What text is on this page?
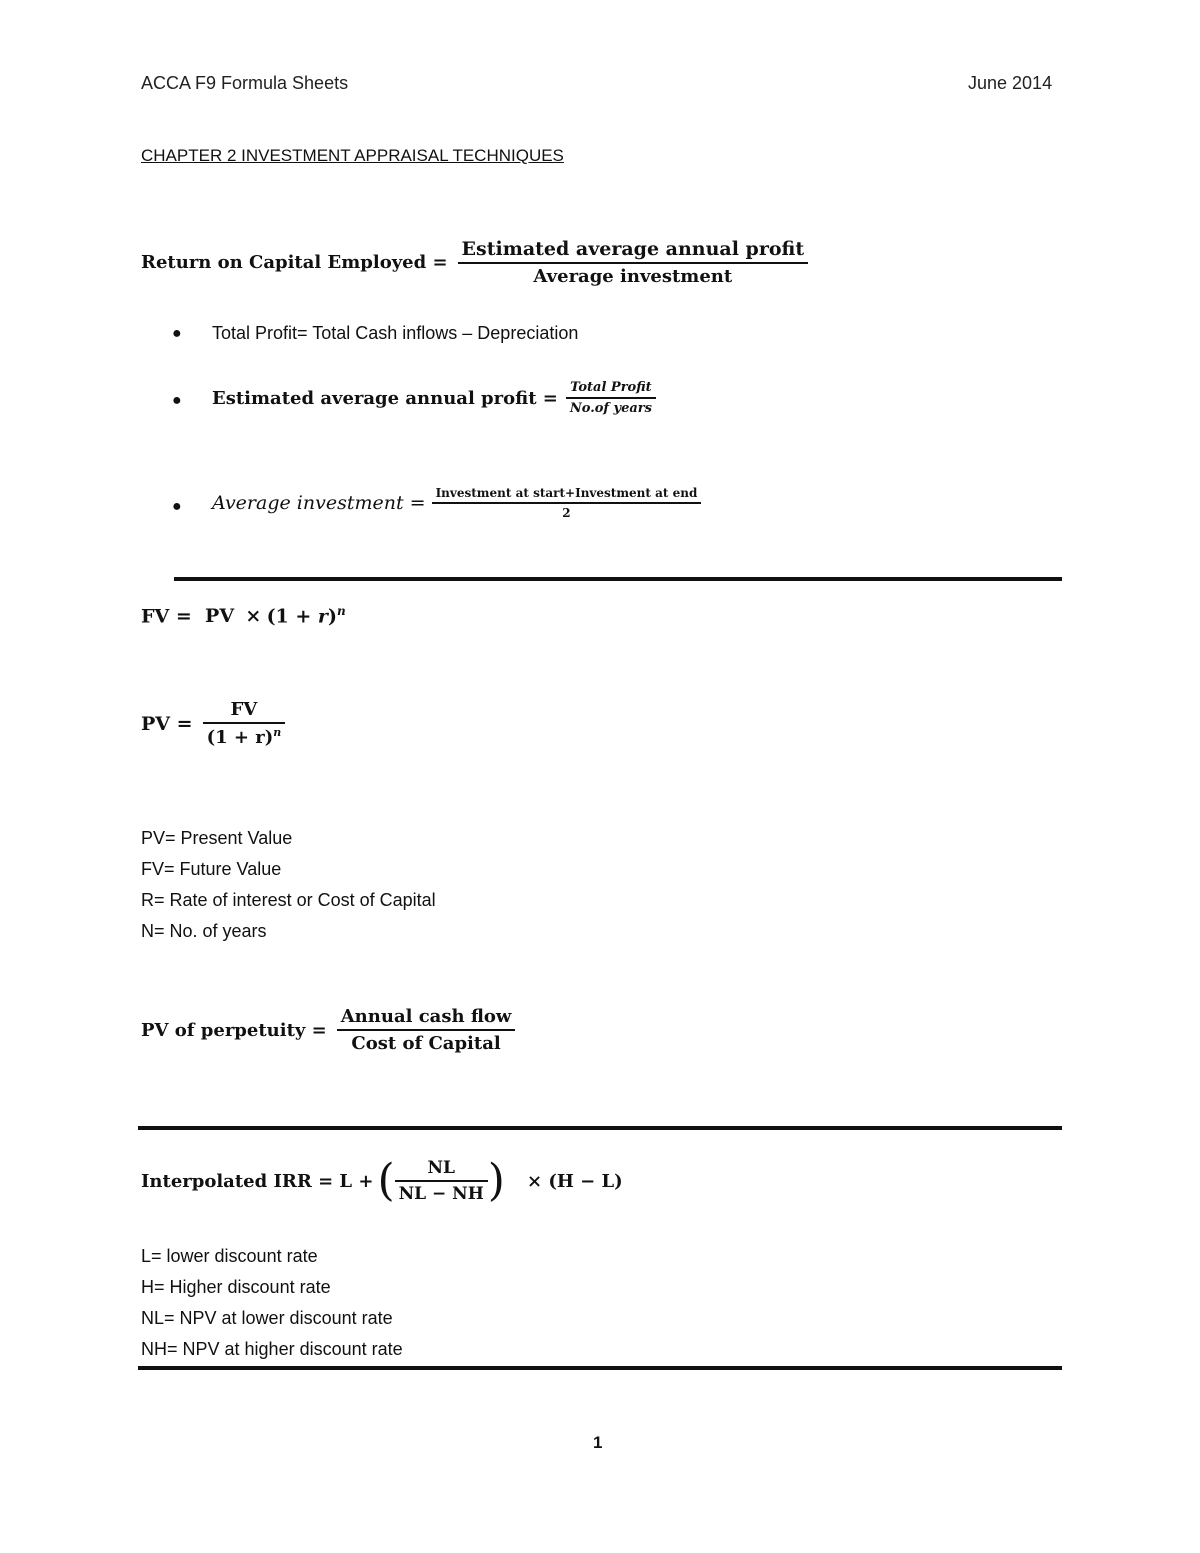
ACCA F9 Formula Sheets	June 2014
CHAPTER 2 INVESTMENT APPRAISAL TECHNIQUES
Return on Capital Employed = $\frac{\text{Estimated average annual profit}}{\text{Average investment}}$
● Total Profit= Total Cash inflows – Depreciation
● Estimated average annual profit = $\frac{\text{Total Profit}}{\text{No.of years}}$
● Average investment = $\frac{\text{Investment at start+Investment at end}}{2}$
FV = PV × $(1 + r)^n$
PV = $\frac{FV}{(1 + r)^n}$
PV= Present Value
FV= Future Value
R= Rate of interest or Cost of Capital
N= No. of years
PV of perpetuity = $\frac{\text{Annual cash flow}}{\text{Cost of Capital}}$
Interpolated IRR = L + ( $\frac{NL}{NL - NH}$ ) × (H − L)
L= lower discount rate
H= Higher discount rate
NL= NPV at lower discount rate
NH= NPV at higher discount rate
1
